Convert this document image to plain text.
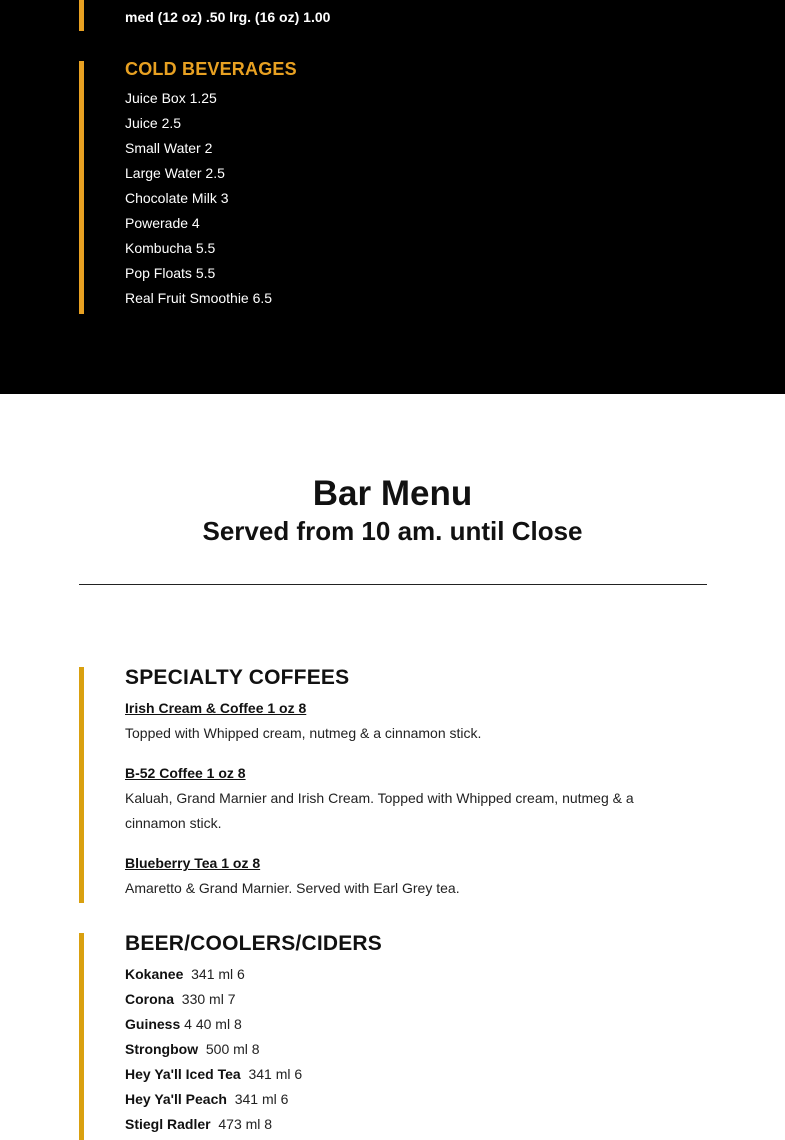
med (12 oz) .50 lrg. (16 oz) 1.00
COLD BEVERAGES
Juice Box 1.25
Juice 2.5
Small Water 2
Large Water 2.5
Chocolate Milk 3
Powerade 4
Kombucha 5.5
Pop Floats 5.5
Real Fruit Smoothie 6.5
Bar Menu
Served from 10 am. until Close
SPECIALTY COFFEES
Irish Cream & Coffee 1 oz 8
Topped with Whipped cream, nutmeg & a cinnamon stick.
B-52 Coffee 1 oz 8
Kaluah, Grand Marnier and Irish Cream. Topped with Whipped cream, nutmeg & a cinnamon stick.
Blueberry Tea 1 oz 8
Amaretto & Grand Marnier. Served with Earl Grey tea.
BEER/COOLERS/CIDERS
Kokanee 341 ml 6
Corona 330 ml 7
Guiness 4 40 ml 8
Strongbow 500 ml 8
Hey Ya'll Iced Tea 341 ml 6
Hey Ya'll Peach 341 ml 6
Stiegl Radler 473 ml 8
